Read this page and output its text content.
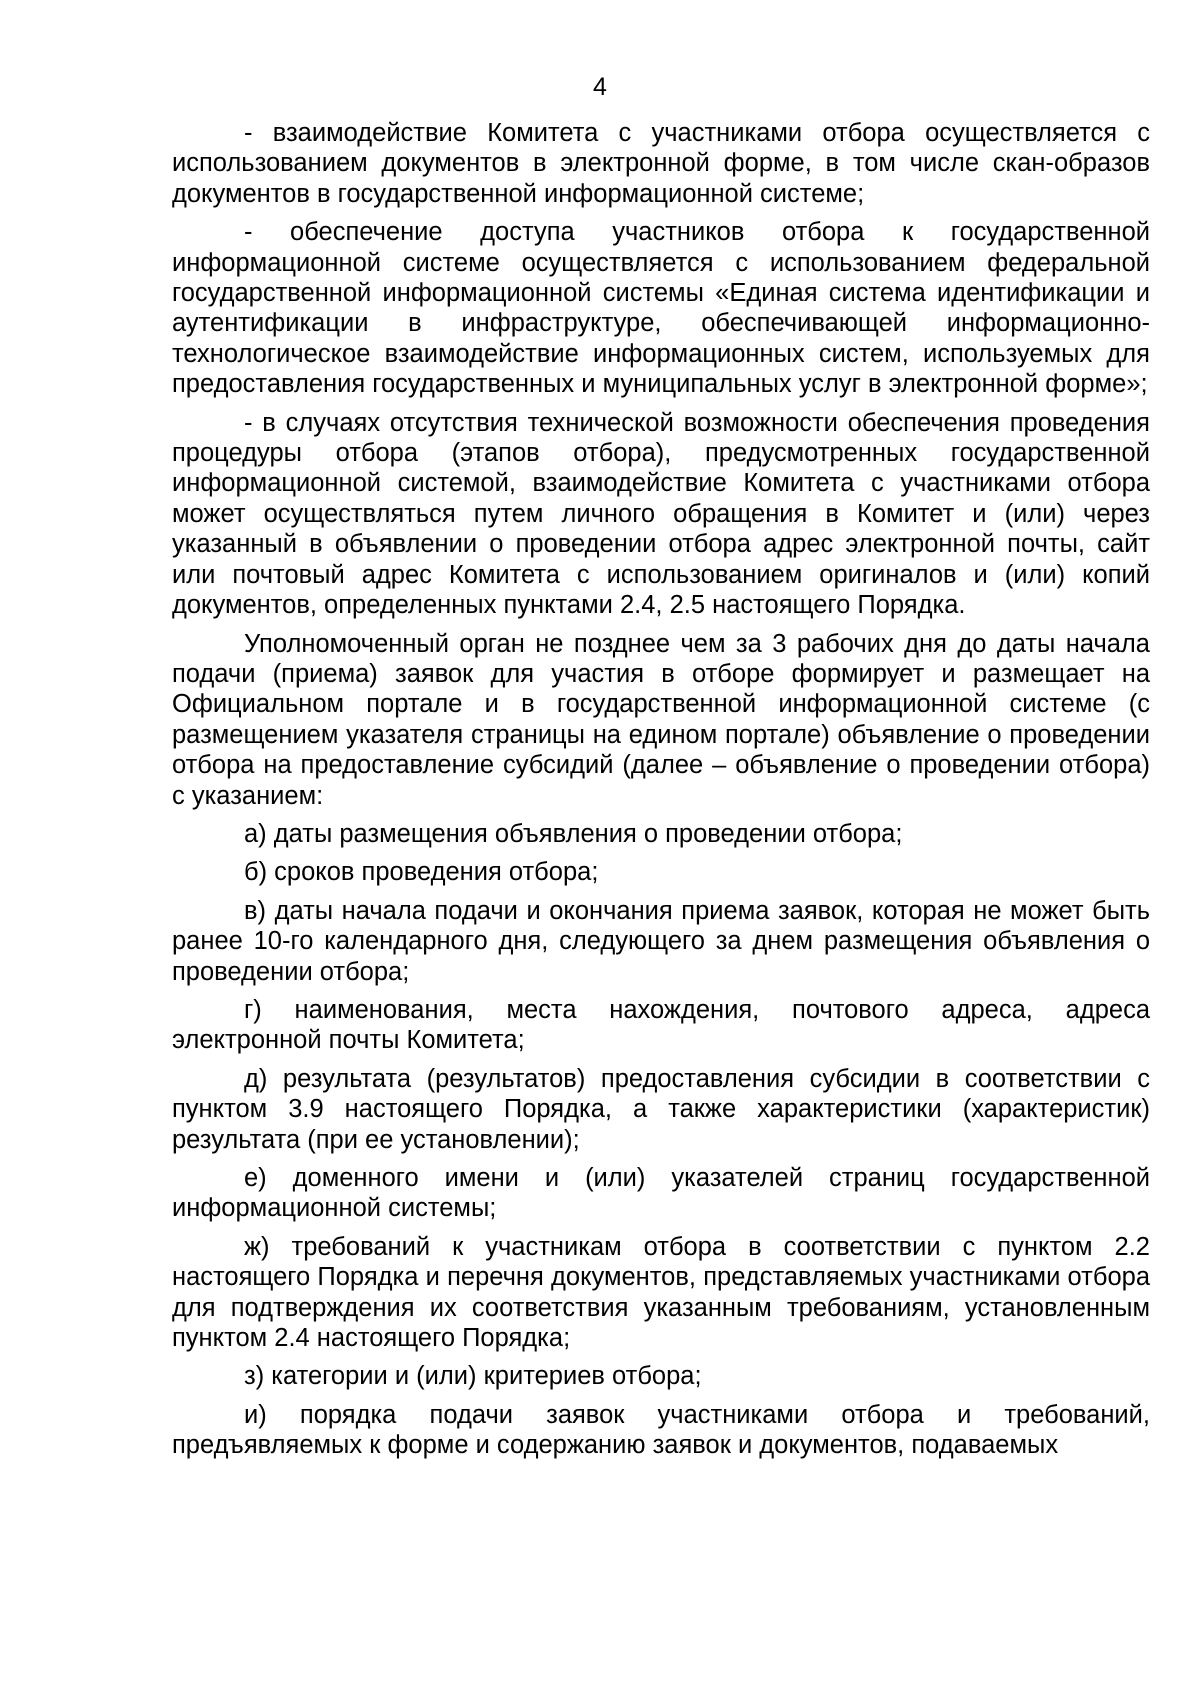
4

- взаимодействие Комитета с участниками отбора осуществляется с использованием документов в электронной форме, в том числе скан-образов документов в государственной информационной системе;

- обеспечение доступа участников отбора к государственной информационной системе осуществляется с использованием федеральной государственной информационной системы «Единая система идентификации и аутентификации в инфраструктуре, обеспечивающей информационно-технологическое взаимодействие информационных систем, используемых для предоставления государственных и муниципальных услуг в электронной форме»;

- в случаях отсутствия технической возможности обеспечения проведения процедуры отбора (этапов отбора), предусмотренных государственной информационной системой, взаимодействие Комитета с участниками отбора может осуществляться путем личного обращения в Комитет и (или) через указанный в объявлении о проведении отбора адрес электронной почты, сайт или почтовый адрес Комитета с использованием оригиналов и (или) копий документов, определенных пунктами 2.4, 2.5 настоящего Порядка.

Уполномоченный орган не позднее чем за 3 рабочих дня до даты начала подачи (приема) заявок для участия в отборе формирует и размещает на Официальном портале и в государственной информационной системе (с размещением указателя страницы на едином портале) объявление о проведении отбора на предоставление субсидий (далее – объявление о проведении отбора) с указанием:

а) даты размещения объявления о проведении отбора;

б) сроков проведения отбора;

в) даты начала подачи и окончания приема заявок, которая не может быть ранее 10-го календарного дня, следующего за днем размещения объявления о проведении отбора;

г) наименования, места нахождения, почтового адреса, адреса электронной почты Комитета;

д) результата (результатов) предоставления субсидии в соответствии с пунктом 3.9 настоящего Порядка, а также характеристики (характеристик) результата (при ее установлении);

е) доменного имени и (или) указателей страниц государственной информационной системы;

ж) требований к участникам отбора в соответствии с пунктом 2.2 настоящего Порядка и перечня документов, представляемых участниками отбора для подтверждения их соответствия указанным требованиям, установленным пунктом 2.4 настоящего Порядка;

з) категории и (или) критериев отбора;

и) порядка подачи заявок участниками отбора и требований, предъявляемых к форме и содержанию заявок и документов, подаваемых
